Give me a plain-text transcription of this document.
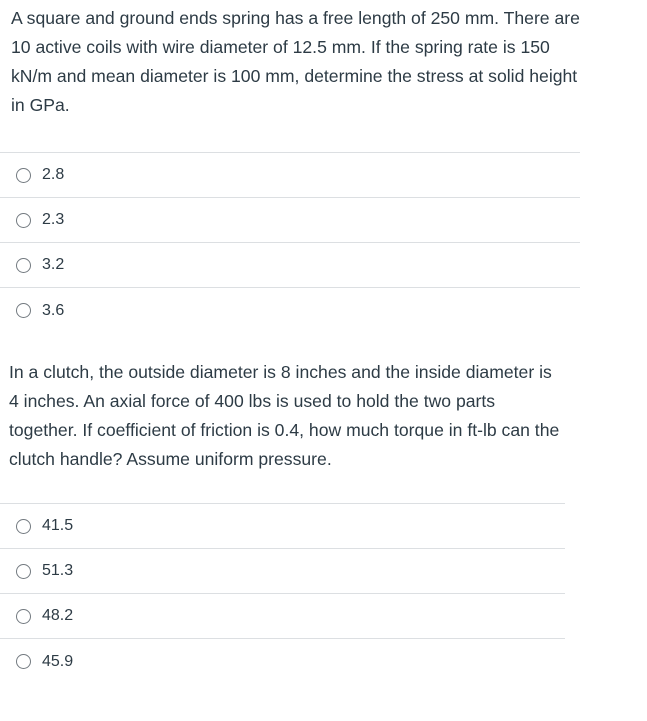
A square and ground ends spring has a free length of 250 mm. There are 10 active coils with wire diameter of 12.5 mm. If the spring rate is 150 kN/m and mean diameter is 100 mm, determine the stress at solid height in GPa.

2.8
2.3
3.2
3.6

In a clutch, the outside diameter is 8 inches and the inside diameter is 4 inches. An axial force of 400 lbs is used to hold the two parts together. If coefficient of friction is 0.4, how much torque in ft-lb can the clutch handle? Assume uniform pressure.

41.5
51.3
48.2
45.9
